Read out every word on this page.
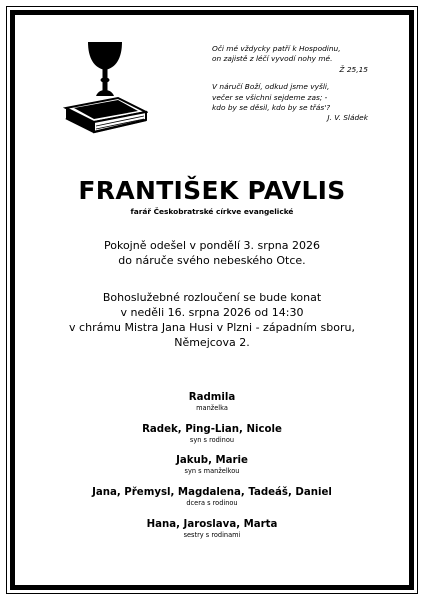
Oči mé vždycky patří k Hospodinu,
on zajistě z léčí vyvodí nohy mé.
Ž 25,15
V náručí Boží, odkud jsme vyšli,
večer se všichni sejdeme zas; -
kdo by se děsil, kdo by se třás'?
J. V. Sládek
FRANTIŠEK PAVLIS
farář Českobratrské církve evangelické
Pokojně odešel v pondělí 3. srpna 2026
do náruče svého nebeského Otce.
Bohoslužebné rozloučení se bude konat
v neděli 16. srpna 2026 od 14:30
v chrámu Mistra Jana Husi v Plzni - západním sboru,
Němejcova 2.
Radmila
manželka
Radek, Ping-Lian, Nicole
syn s rodinou
Jakub, Marie
syn s manželkou
Jana, Přemysl, Magdalena, Tadeáš, Daniel
dcera s rodinou
Hana, Jaroslava, Marta
sestry s rodinami
